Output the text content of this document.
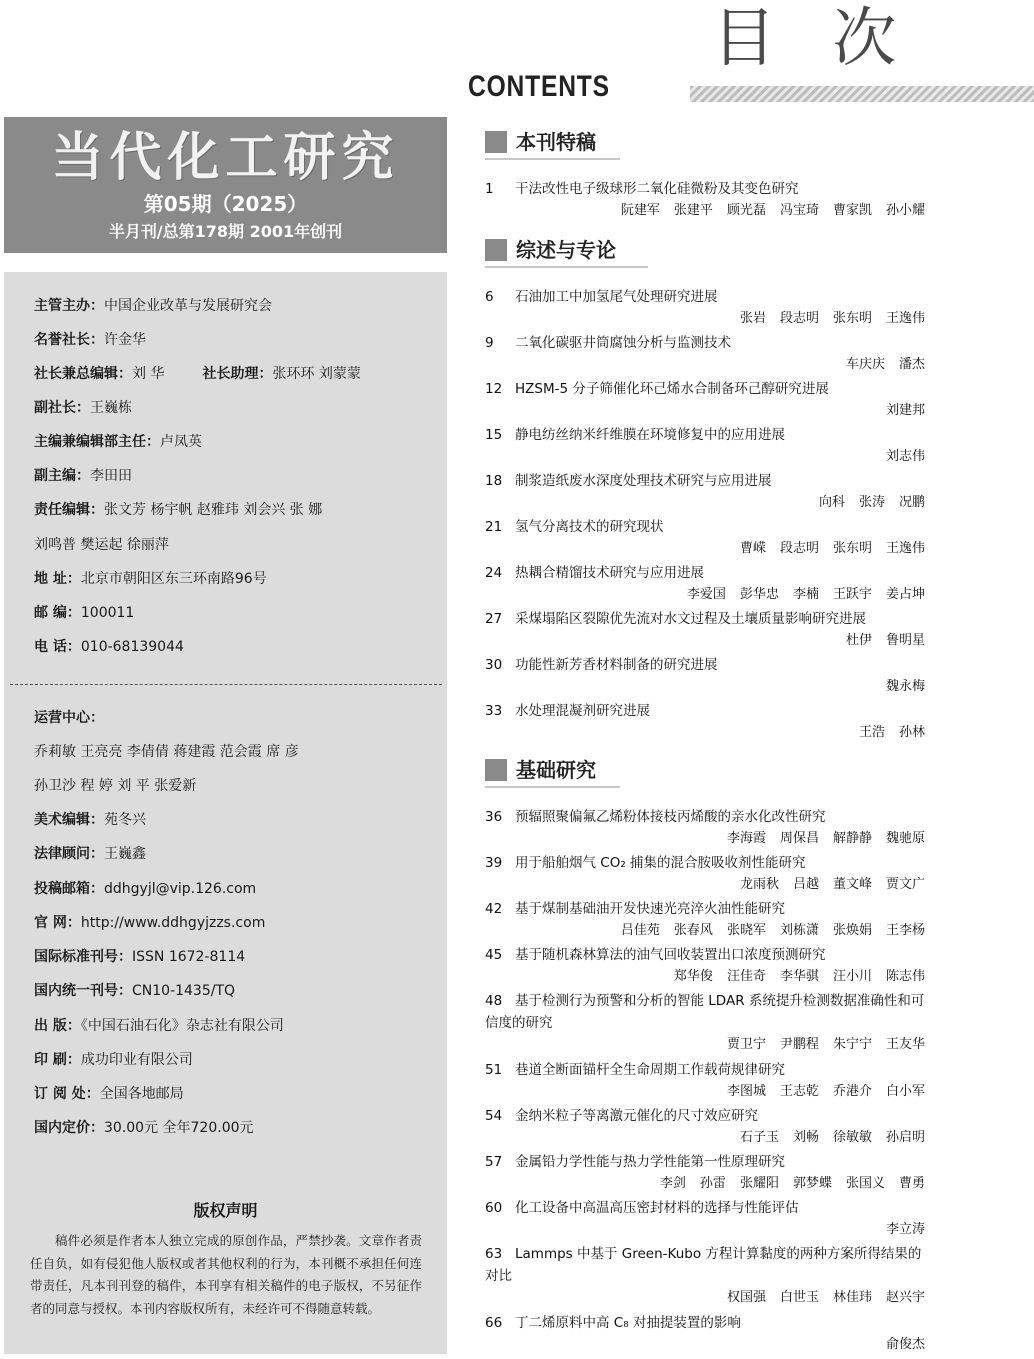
目 次
CONTENTS
当代化工研究
第05期（2025）
半月刊/总第178期 2001年创刊
主管主办：中国企业改革与发展研究会
名誉社长：许金华
社长兼总编辑：刘 华	社长助理：张环环 刘蒙蒙
副社长：王巍栋
主编兼编辑部主任：卢凤英
副主编：李田田
责任编辑：张文芳 杨宇帆 赵雅玮 刘会兴 张 娜
刘鸣普 樊运起 徐丽萍
地 址：北京市朝阳区东三环南路96号
邮 编：100011
电 话：010-68139044
运营中心：
乔莉敏 王亮亮 李倩倩 蒋建霞 范会霞 席 彦
孙卫沙 程 婷 刘 平 张爱新
美术编辑：苑冬兴
法律顾问：王巍鑫
投稿邮箱：ddhgyjl@vip.126.com
官 网：http://www.ddhgyjzzs.com
国际标准刊号：ISSN 1672-8114
国内统一刊号：CN10-1435/TQ
出 版：《中国石油石化》杂志社有限公司
印 刷：成功印业有限公司
订 阅 处：全国各地邮局
国内定价：30.00元 全年720.00元
版权声明
稿件必须是作者本人独立完成的原创作品，严禁抄袭。文章作者责任自负，如有侵犯他人版权或者其他权利的行为，本刊概不承担任何连带责任，凡本刊刊登的稿件，本刊享有相关稿件的电子版权，不另征作者的同意与授权。本刊内容版权所有，未经许可不得随意转载。
本刊特稿
1 干法改性电子级球形二氧化硅微粉及其变色研究
阮建军 张建平 顾光磊 冯宝琦 曹家凯 孙小耀
综述与专论
6 石油加工中加氢尾气处理研究进展
张岩 段志明 张东明 王逸伟
9 二氧化碳驱井筒腐蚀分析与监测技术
车庆庆 潘杰
12 HZSM-5 分子筛催化环己烯水合制备环己醇研究进展
刘建邦
15 静电纺丝纳米纤维膜在环境修复中的应用进展
刘志伟
18 制浆造纸废水深度处理技术研究与应用进展
向科 张涛 况鹏
21 氢气分离技术的研究现状
曹嵘 段志明 张东明 王逸伟
24 热耦合精馏技术研究与应用进展
李爱国 彭华忠 李楠 王跃宇 姜占坤
27 采煤塌陷区裂隙优先流对水文过程及土壤质量影响研究进展
杜伊 鲁明星
30 功能性新芳香材料制备的研究进展
魏永梅
33 水处理混凝剂研究进展
王浩 孙林
基础研究
36 预辐照聚偏氟乙烯粉体接枝丙烯酸的亲水化改性研究
李海霞 周保昌 解静静 魏驰原
39 用于船舶烟气 CO₂ 捕集的混合胺吸收剂性能研究
龙雨秋 吕越 董文峰 贾文广
42 基于煤制基础油开发快速光亮淬火油性能研究
吕佳苑 张春风 张晓军 刘栋潇 张焕娟 王李杨
45 基于随机森林算法的油气回收装置出口浓度预测研究
郑华俊 汪佳奇 李华骐 汪小川 陈志伟
48 基于检测行为预警和分析的智能 LDAR 系统提升检测数据准确性和可信度的研究
贾卫宁 尹鹏程 朱宁宁 王友华
51 巷道全断面锚杆全生命周期工作载荷规律研究
李图城 王志乾 乔港介 白小军
54 金纳米粒子等离激元催化的尺寸效应研究
石子玉 刘畅 徐敏敏 孙启明
57 金属铅力学性能与热力学性能第一性原理研究
李剑 孙雷 张耀阳 郭梦蝶 张国义 曹勇
60 化工设备中高温高压密封材料的选择与性能评估
李立涛
63 Lammps 中基于 Green-Kubo 方程计算黏度的两种方案所得结果的对比
权国强 白世玉 林佳玮 赵兴宇
66 丁二烯原料中高 C₈ 对抽提装置的影响
俞俊杰
